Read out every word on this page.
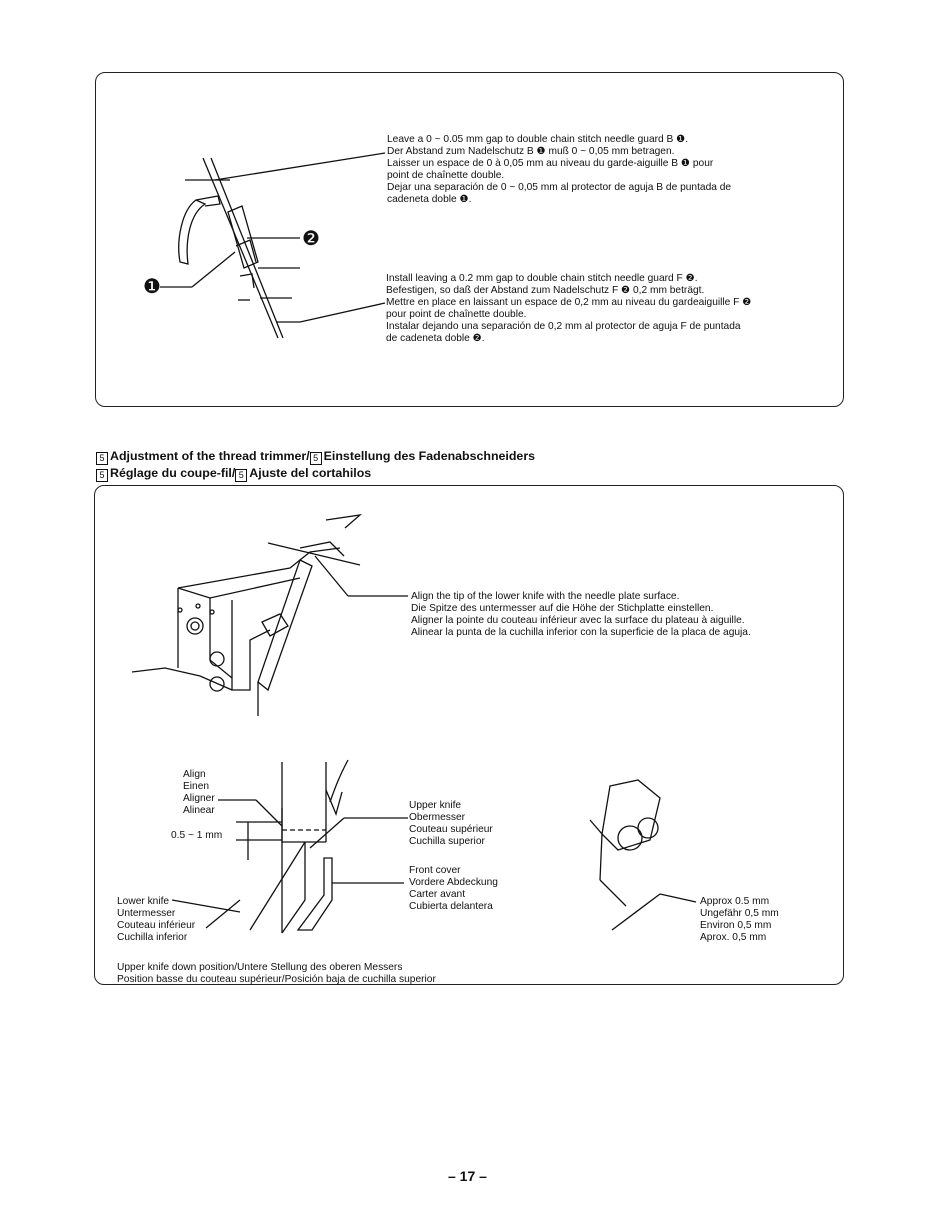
❶
❷
Leave a 0 ~ 0.05 mm gap to double chain stitch needle guard B ❶.
Der Abstand zum Nadelschutz B ❶ muß 0 ~ 0,05 mm betragen.
Laisser un espace de 0 à 0,05 mm au niveau du garde-aiguille B ❶ pour
point de chaînette double.
Dejar una separación de 0 ~ 0,05 mm al protector de aguja B de puntada de
cadeneta doble ❶.
Install leaving a 0.2 mm gap to double chain stitch needle guard F ❷.
Befestigen, so daß der Abstand zum Nadelschutz F ❷ 0,2 mm beträgt.
Mettre en place en laissant un espace de 0,2 mm au niveau du gardeaiguille F ❷
pour point de chaînette double.
Instalar dejando una separación de 0,2 mm al protector de aguja F de puntada
de cadeneta doble ❷.
5 Adjustment of the thread trimmer/ 5 Einstellung des Fadenabschneiders
5 Réglage du coupe-fil/ 5 Ajuste del cortahilos
Align the tip of the lower knife with the needle plate surface.
Die Spitze des untermesser auf die Höhe der Stichplatte einstellen.
Aligner la pointe du couteau inférieur avec la surface du plateau à aiguille.
Alinear la punta de la cuchilla inferior con la superficie de la placa de aguja.
Align
Einen
Aligner
Alinear
0.5 ~ 1 mm
Upper knife
Obermesser
Couteau supérieur
Cuchilla superior
Front cover
Vordere Abdeckung
Carter avant
Cubierta delantera
Lower knife
Untermesser
Couteau inférieur
Cuchilla inferior
Approx 0.5 mm
Ungefähr 0,5 mm
Environ 0,5 mm
Aprox. 0,5 mm
Upper knife down position/Untere Stellung des oberen Messers
Position basse du couteau supérieur/Posición baja de cuchilla superior
– 17 –
